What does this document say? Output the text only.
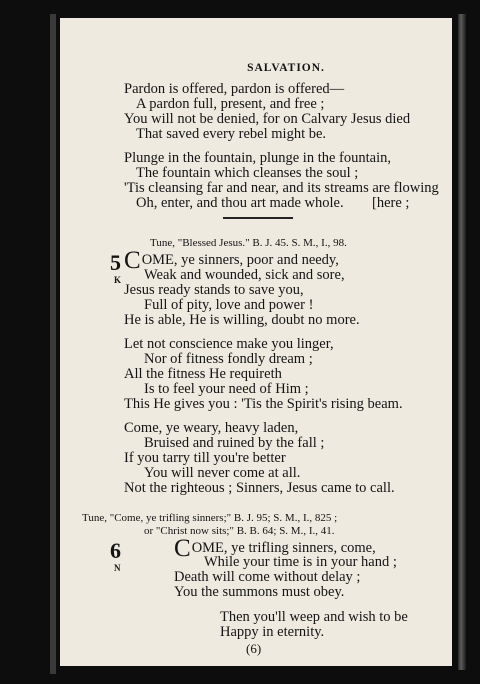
SALVATION.
Pardon is offered, pardon is offered—
A pardon full, present, and free ;
You will not be denied, for on Calvary Jesus died
That saved every rebel might be.
Plunge in the fountain, plunge in the fountain,
The fountain which cleanses the soul ;
'Tis cleansing far and near, and its streams are flowing
Oh, enter, and thou art made whole. [here ;
Tune, "Blessed Jesus." B. J. 45. S. M., I., 98.
5
K
COME, ye sinners, poor and needy,
Weak and wounded, sick and sore,
Jesus ready stands to save you,
Full of pity, love and power !
He is able, He is willing, doubt no more.
Let not conscience make you linger,
Nor of fitness fondly dream ;
All the fitness He requireth
Is to feel your need of Him ;
This He gives you : 'Tis the Spirit's rising beam.
Come, ye weary, heavy laden,
Bruised and ruined by the fall ;
If you tarry till you're better
You will never come at all.
Not the righteous ; Sinners, Jesus came to call.
Tune, "Come, ye trifling sinners;" B. J. 95; S. M., I., 825 ;
or "Christ now sits;" B. B. 64; S. M., I., 41.
6
N
COME, ye trifling sinners, come,
While your time is in your hand ;
Death will come without delay ;
You the summons must obey.
Then you'll weep and wish to be
Happy in eternity.
(6)
